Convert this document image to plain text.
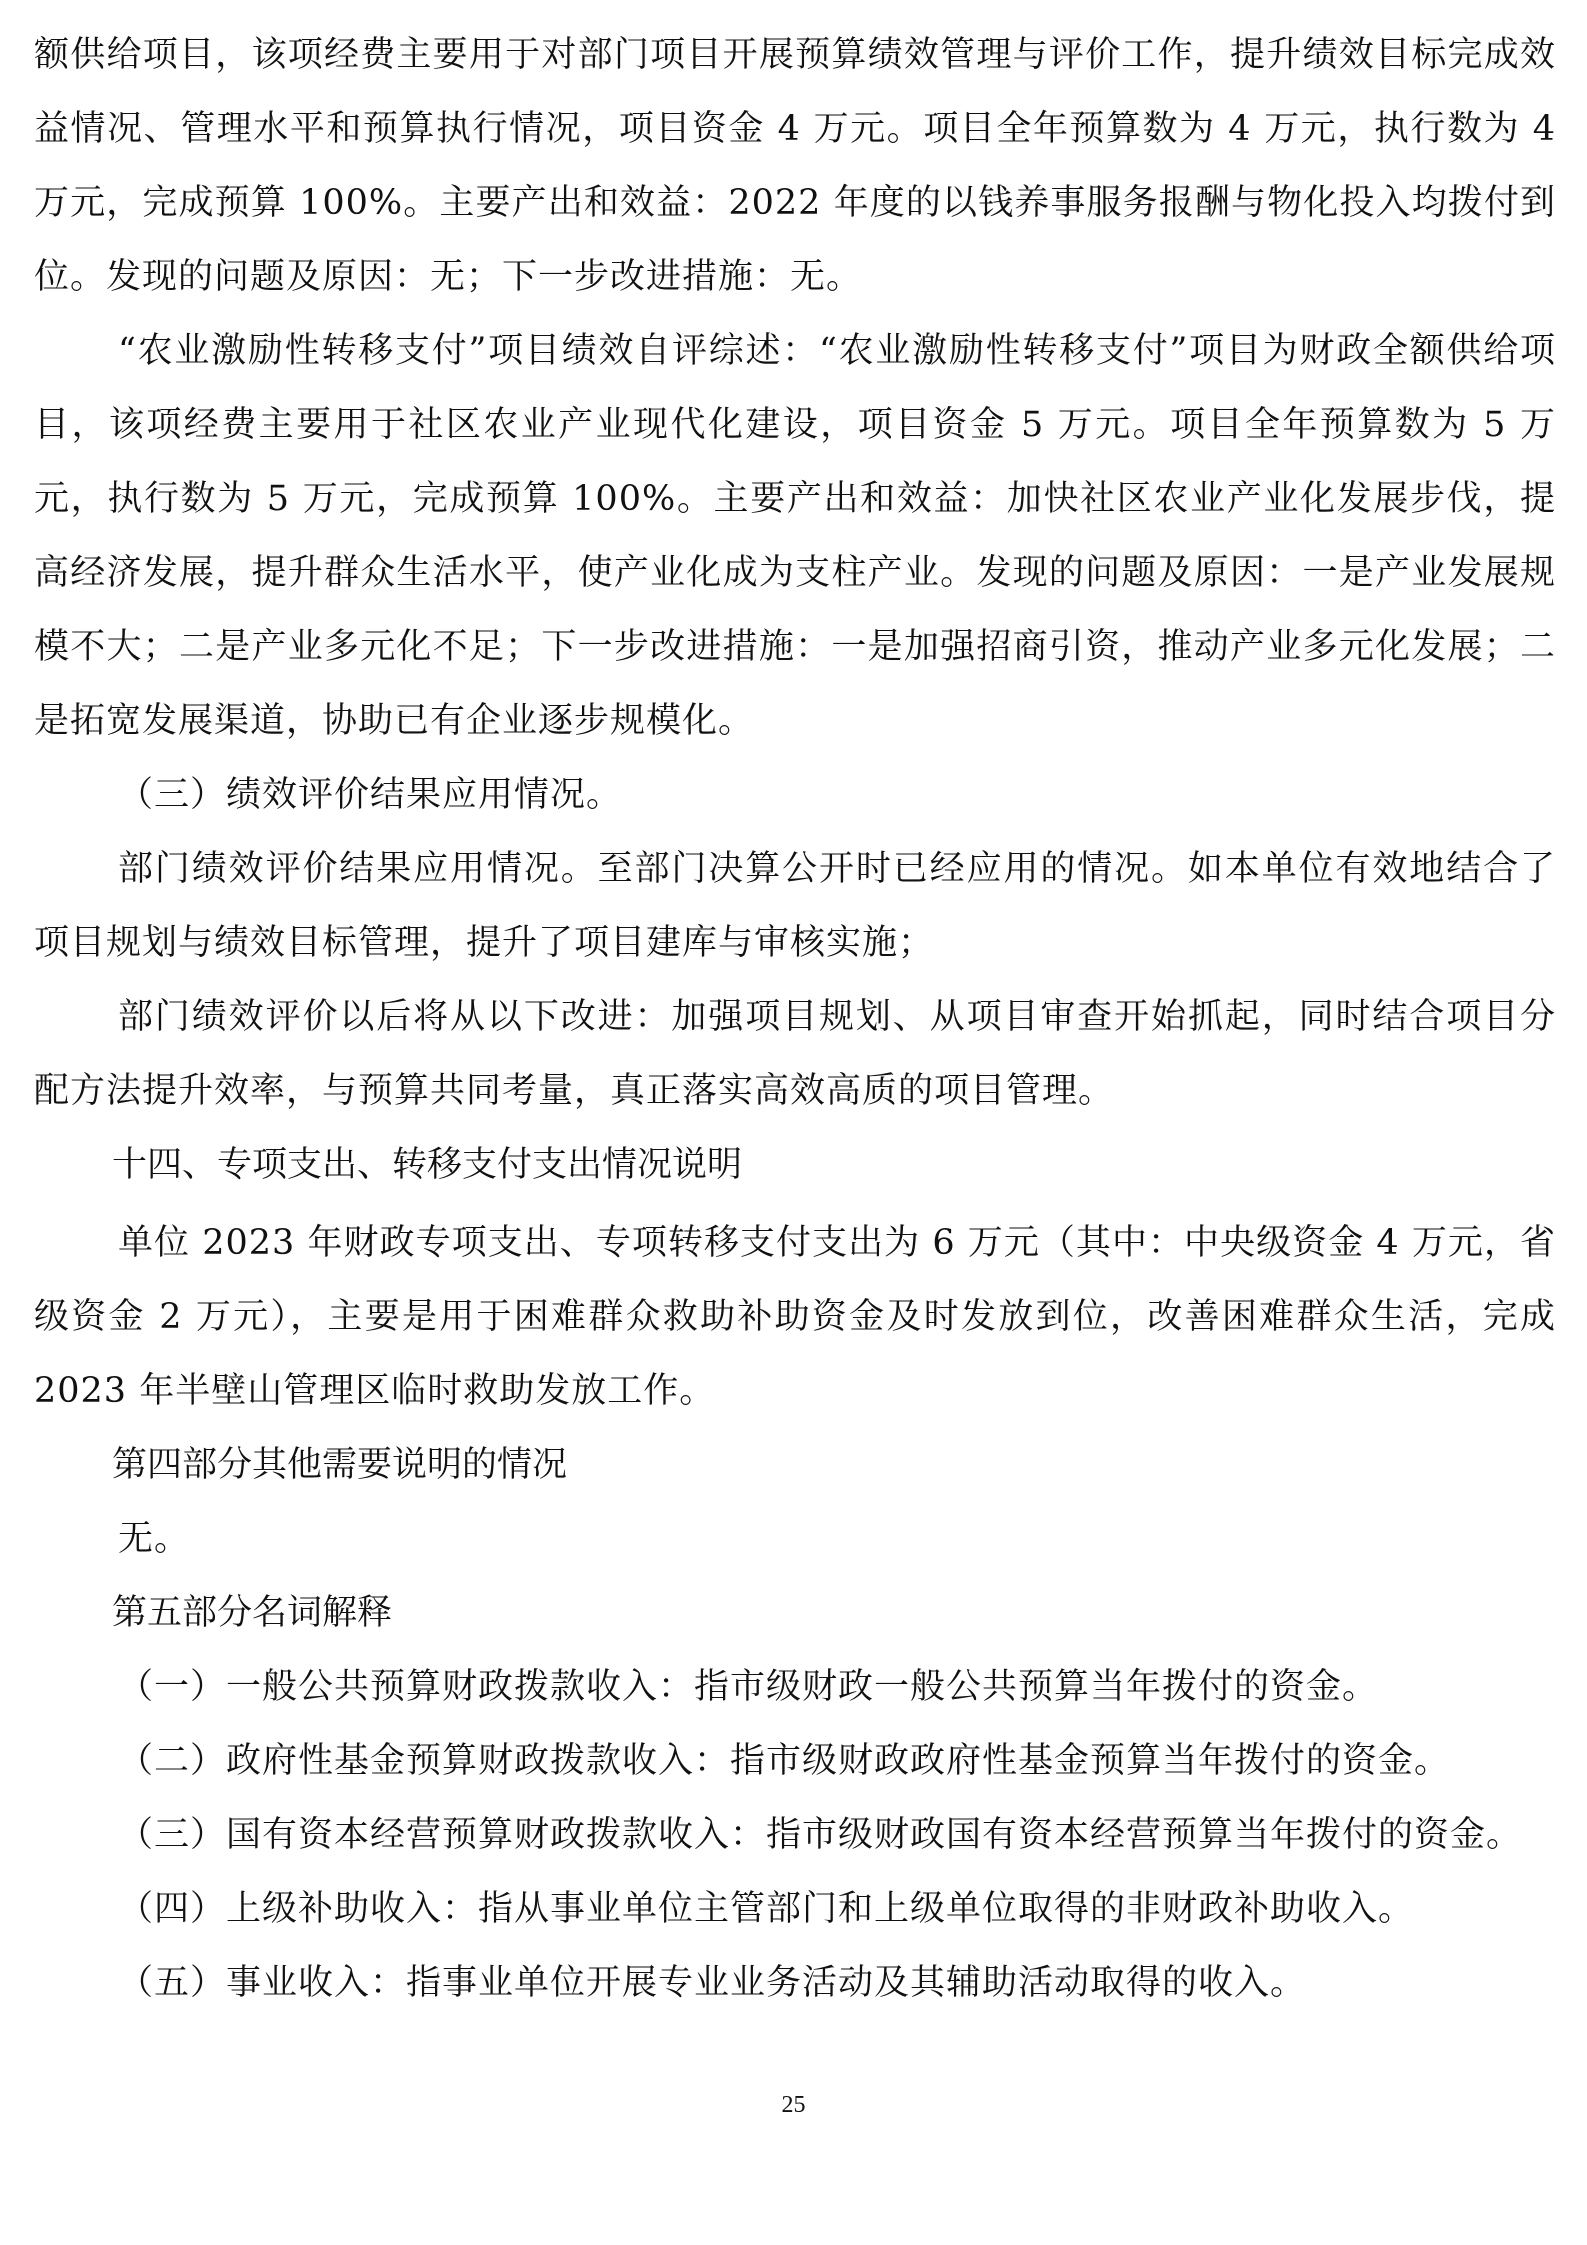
额供给项目，该项经费主要用于对部门项目开展预算绩效管理与评价工作，提升绩效目标完成效益情况、管理水平和预算执行情况，项目资金 4 万元。项目全年预算数为 4 万元，执行数为 4 万元，完成预算 100%。主要产出和效益：2022 年度的以钱养事服务报酬与物化投入均拨付到位。发现的问题及原因：无；下一步改进措施：无。

“农业激励性转移支付”项目绩效自评综述：“农业激励性转移支付”项目为财政全额供给项目，该项经费主要用于社区农业产业现代化建设，项目资金 5 万元。项目全年预算数为 5 万元，执行数为 5 万元，完成预算 100%。主要产出和效益：加快社区农业产业化发展步伐，提高经济发展，提升群众生活水平，使产业化成为支柱产业。发现的问题及原因：一是产业发展规模不大；二是产业多元化不足；下一步改进措施：一是加强招商引资，推动产业多元化发展；二是拓宽发展渠道，协助已有企业逐步规模化。

（三）绩效评价结果应用情况。

部门绩效评价结果应用情况。至部门决算公开时已经应用的情况。如本单位有效地结合了项目规划与绩效目标管理，提升了项目建库与审核实施；

部门绩效评价以后将从以下改进：加强项目规划、从项目审查开始抓起，同时结合项目分配方法提升效率，与预算共同考量，真正落实高效高质的项目管理。

十四、专项支出、转移支付支出情况说明

单位 2023 年财政专项支出、专项转移支付支出为 6 万元（其中：中央级资金 4 万元，省级资金 2 万元），主要是用于困难群众救助补助资金及时发放到位，改善困难群众生活，完成 2023 年半壁山管理区临时救助发放工作。

第四部分其他需要说明的情况

无。

第五部分名词解释

（一）一般公共预算财政拨款收入：指市级财政一般公共预算当年拨付的资金。

（二）政府性基金预算财政拨款收入：指市级财政政府性基金预算当年拨付的资金。

（三）国有资本经营预算财政拨款收入：指市级财政国有资本经营预算当年拨付的资金。

（四）上级补助收入：指从事业单位主管部门和上级单位取得的非财政补助收入。

（五）事业收入：指事业单位开展专业业务活动及其辅助活动取得的收入。

25
